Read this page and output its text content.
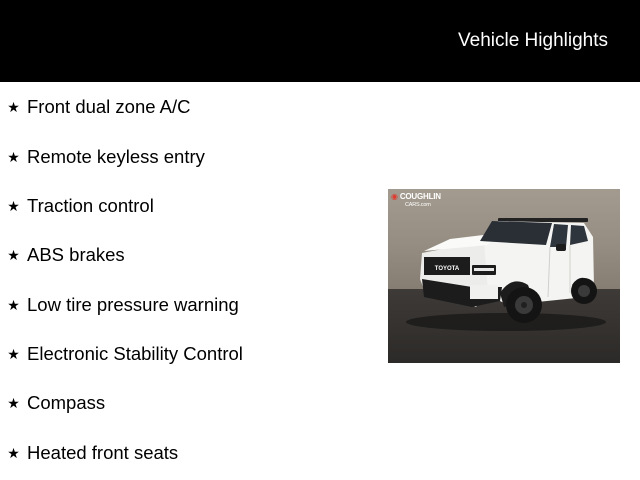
Vehicle Highlights
★ Front dual zone A/C
★ Remote keyless entry
★ Traction control
★ ABS brakes
★ Low tire pressure warning
★ Electronic Stability Control
★ Compass
★ Heated front seats
TOYOTA
◉ COUGHLIN
CARS.com
